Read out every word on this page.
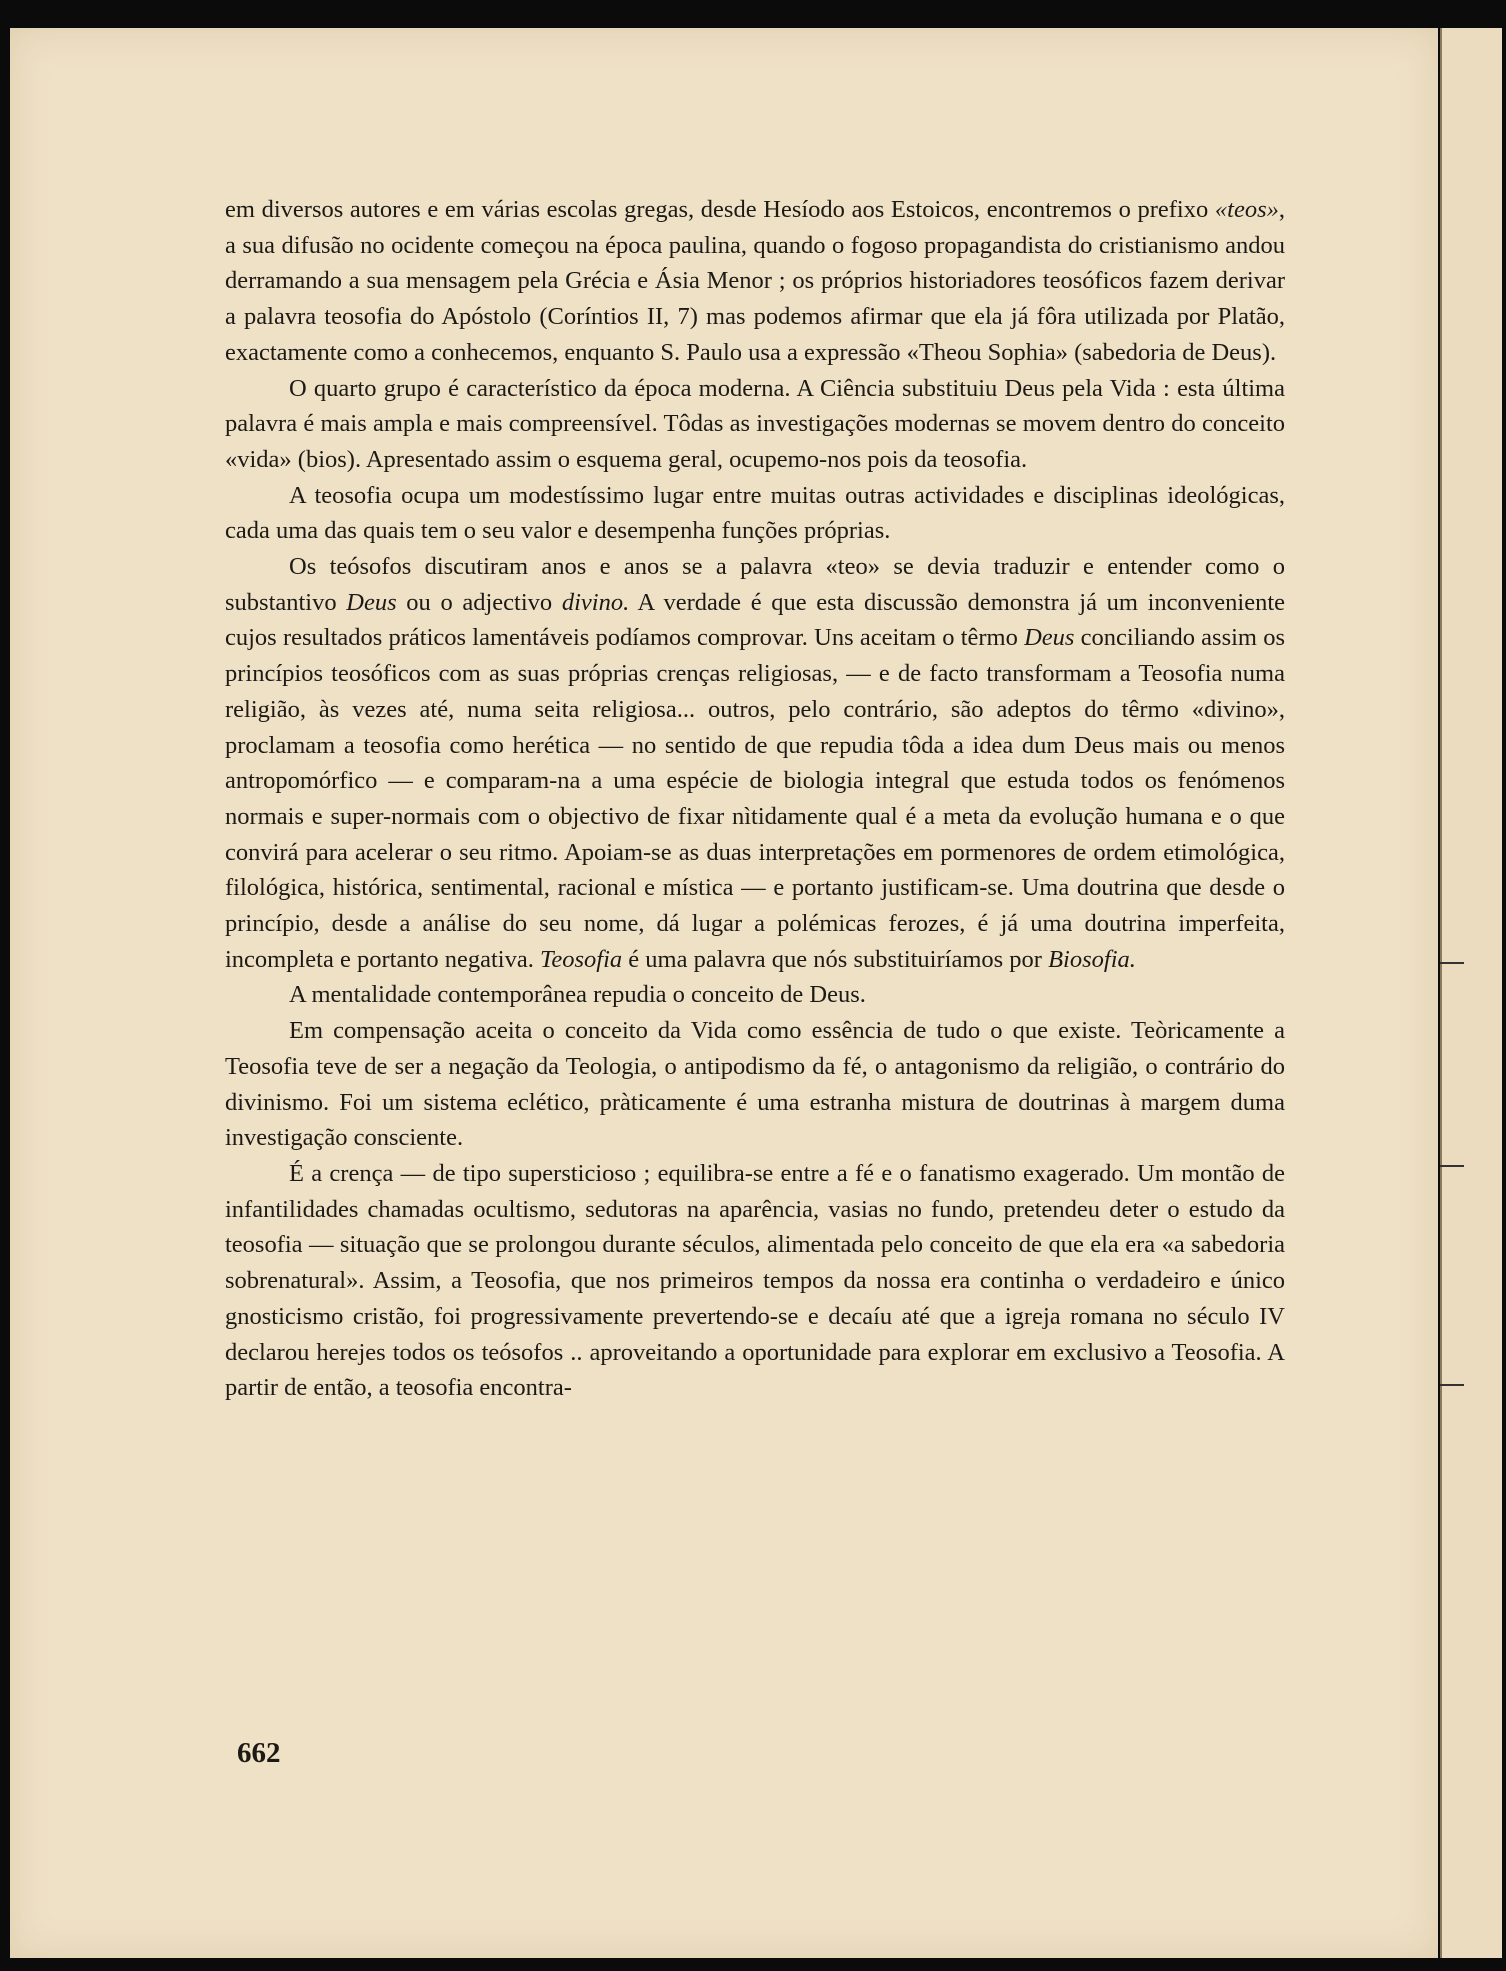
em diversos autores e em várias escolas gregas, desde Hesíodo aos Estoicos, encontremos o prefixo «teos», a sua difusão no ocidente começou na época paulina, quando o fogoso propagandista do cristianismo andou derramando a sua mensagem pela Grécia e Ásia Menor ; os próprios historiadores teosóficos fazem derivar a palavra teosofia do Apóstolo (Coríntios II, 7) mas podemos afirmar que ela já fôra utilizada por Platão, exactamente como a conhecemos, enquanto S. Paulo usa a expressão «Theou Sophia» (sabedoria de Deus).

O quarto grupo é característico da época moderna. A Ciência substituiu Deus pela Vida : esta última palavra é mais ampla e mais compreensível. Tôdas as investigações modernas se movem dentro do conceito «vida» (bios). Apresentado assim o esquema geral, ocupemo-nos pois da teosofia.

A teosofia ocupa um modestíssimo lugar entre muitas outras actividades e disciplinas ideológicas, cada uma das quais tem o seu valor e desempenha funções próprias.

Os teósofos discutiram anos e anos se a palavra «teo» se devia traduzir e entender como o substantivo Deus ou o adjectivo divino. A verdade é que esta discussão demonstra já um inconveniente cujos resultados práticos lamentáveis podíamos comprovar. Uns aceitam o têrmo Deus conciliando assim os princípios teosóficos com as suas próprias crenças religiosas, — e de facto transformam a Teosofia numa religião, às vezes até, numa seita religiosa... outros, pelo contrário, são adeptos do têrmo «divino», proclamam a teosofia como herética — no sentido de que repudia tôda a idea dum Deus mais ou menos antropomórfico — e comparam-na a uma espécie de biologia integral que estuda todos os fenómenos normais e super-normais com o objectivo de fixar nìtidamente qual é a meta da evolução humana e o que convirá para acelerar o seu ritmo. Apoiam-se as duas interpretações em pormenores de ordem etimológica, filológica, histórica, sentimental, racional e mística — e portanto justificam-se. Uma doutrina que desde o princípio, desde a análise do seu nome, dá lugar a polémicas ferozes, é já uma doutrina imperfeita, incompleta e portanto negativa. Teosofia é uma palavra que nós substituiríamos por Biosofia.

A mentalidade contemporânea repudia o conceito de Deus.

Em compensação aceita o conceito da Vida como essência de tudo o que existe. Teòricamente a Teosofia teve de ser a negação da Teologia, o antipodismo da fé, o antagonismo da religião, o contrário do divinismo. Foi um sistema eclético, pràticamente é uma estranha mistura de doutrinas à margem duma investigação consciente.

É a crença — de tipo supersticioso ; equilibra-se entre a fé e o fanatismo exagerado. Um montão de infantilidades chamadas ocultismo, sedutoras na aparência, vasias no fundo, pretendeu deter o estudo da teosofia — situação que se prolongou durante séculos, alimentada pelo conceito de que ela era «a sabedoria sobrenatural». Assim, a Teosofia, que nos primeiros tempos da nossa era continha o verdadeiro e único gnosticismo cristão, foi progressivamente prevertendo-se e decaíu até que a igreja romana no século IV declarou herejes todos os teósofos .. aproveitando a oportunidade para explorar em exclusivo a Teosofia. A partir de então, a teosofia encontra-

662
